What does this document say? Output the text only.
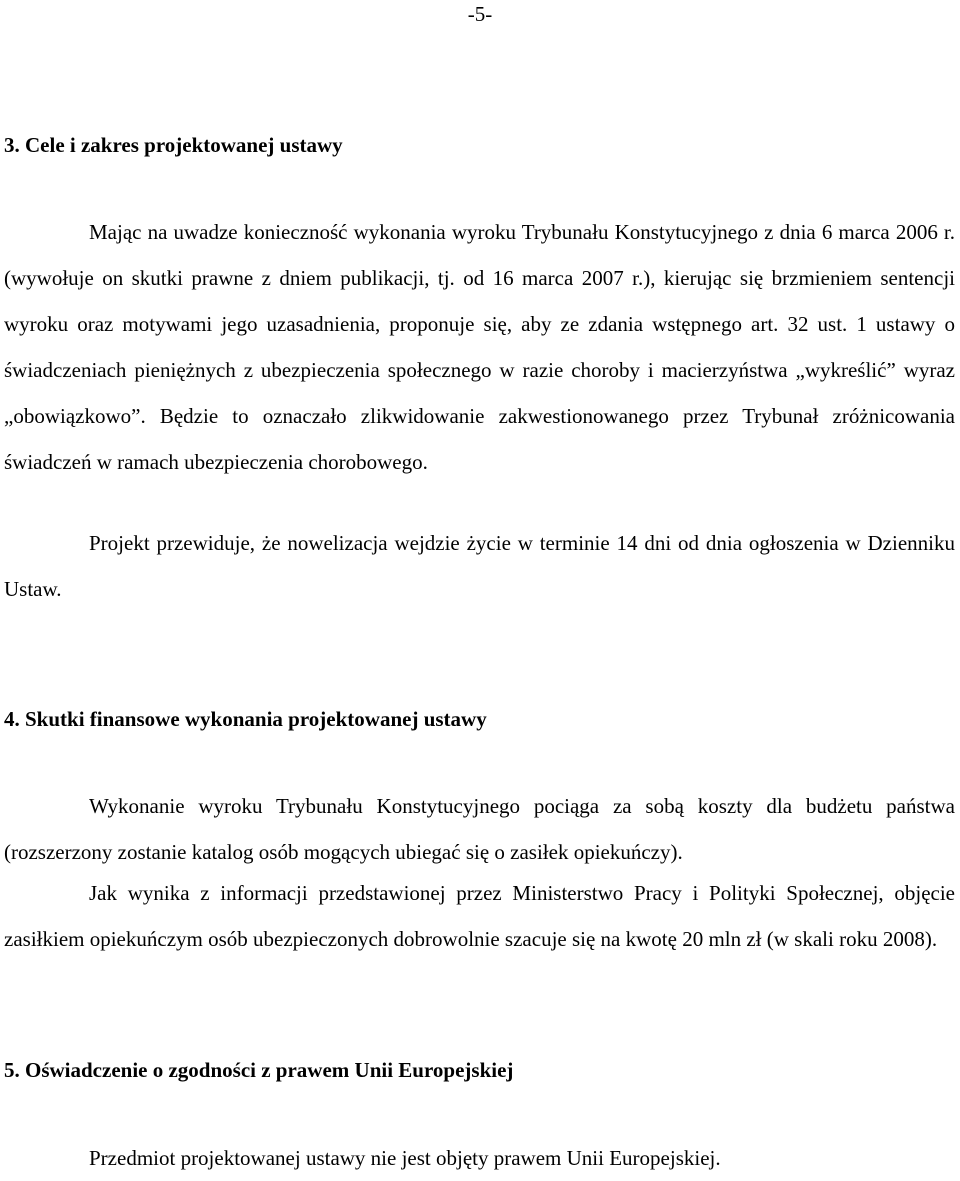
-5-
3. Cele i zakres projektowanej ustawy
Mając na uwadze konieczność wykonania wyroku Trybunału Konstytucyjnego z dnia 6 marca 2006 r. (wywołuje on skutki prawne z dniem publikacji, tj. od 16 marca 2007 r.), kierując się brzmieniem sentencji wyroku oraz motywami jego uzasadnienia, proponuje się, aby ze zdania wstępnego art. 32 ust. 1 ustawy o świadczeniach pieniężnych z ubezpieczenia społecznego w razie choroby i macierzyństwa „wykreślić” wyraz „obowiązkowo”. Będzie to oznaczało zlikwidowanie zakwestionowanego przez Trybunał zróżnicowania świadczeń w ramach ubezpieczenia chorobowego.
Projekt przewiduje, że nowelizacja wejdzie życie w terminie 14 dni od dnia ogłoszenia w Dzienniku Ustaw.
4. Skutki finansowe wykonania projektowanej ustawy
Wykonanie wyroku Trybunału Konstytucyjnego pociąga za sobą koszty dla budżetu państwa (rozszerzony zostanie katalog osób mogących ubiegać się o zasiłek opiekuńczy).
Jak wynika z informacji przedstawionej przez Ministerstwo Pracy i Polityki Społecznej, objęcie zasiłkiem opiekuńczym osób ubezpieczonych dobrowolnie szacuje się na kwotę 20 mln zł (w skali roku 2008).
5. Oświadczenie o zgodności z prawem Unii Europejskiej
Przedmiot projektowanej ustawy nie jest objęty prawem Unii Europejskiej.
